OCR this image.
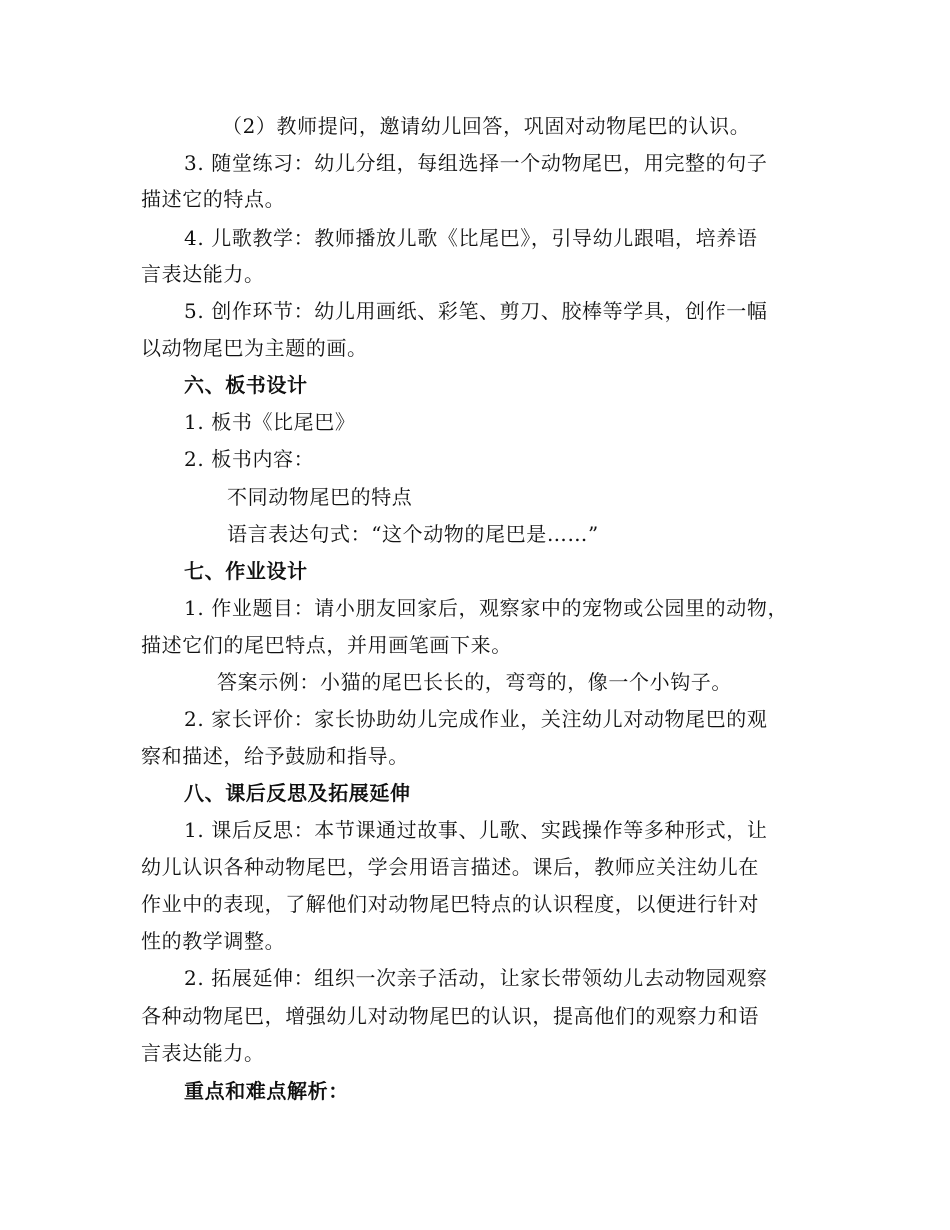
（2）教师提问，邀请幼儿回答，巩固对动物尾巴的认识。
3. 随堂练习：幼儿分组，每组选择一个动物尾巴，用完整的句子
描述它的特点。
4. 儿歌教学：教师播放儿歌《比尾巴》，引导幼儿跟唱，培养语
言表达能力。
5. 创作环节：幼儿用画纸、彩笔、剪刀、胶棒等学具，创作一幅
以动物尾巴为主题的画。
六、板书设计
1. 板书《比尾巴》
2. 板书内容：
不同动物尾巴的特点
语言表达句式：“这个动物的尾巴是……”
七、作业设计
1. 作业题目：请小朋友回家后，观察家中的宠物或公园里的动物，
描述它们的尾巴特点，并用画笔画下来。
答案示例：小猫的尾巴长长的，弯弯的，像一个小钩子。
2. 家长评价：家长协助幼儿完成作业，关注幼儿对动物尾巴的观
察和描述，给予鼓励和指导。
八、课后反思及拓展延伸
1. 课后反思：本节课通过故事、儿歌、实践操作等多种形式，让
幼儿认识各种动物尾巴，学会用语言描述。课后，教师应关注幼儿在
作业中的表现，了解他们对动物尾巴特点的认识程度，以便进行针对
性的教学调整。
2. 拓展延伸：组织一次亲子活动，让家长带领幼儿去动物园观察
各种动物尾巴，增强幼儿对动物尾巴的认识，提高他们的观察力和语
言表达能力。
重点和难点解析：
